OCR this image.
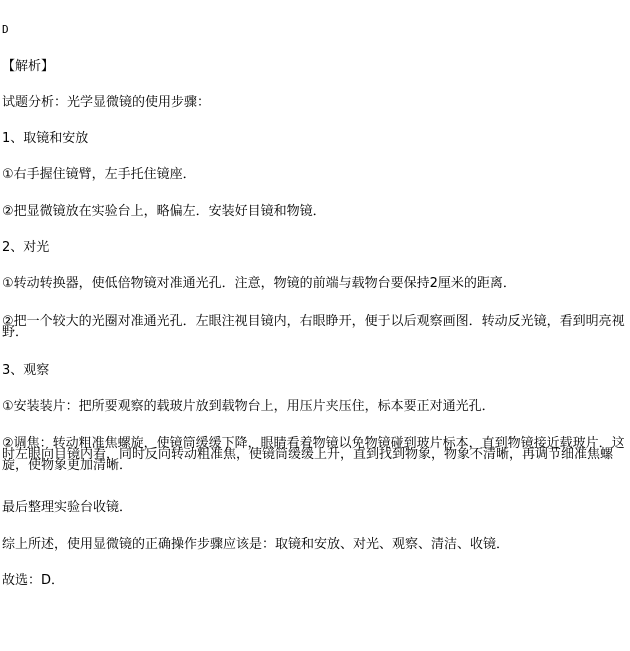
D
【解析】
试题分析：光学显微镜的使用步骤：
1、取镜和安放
①右手握住镜臂，左手托住镜座．
②把显微镜放在实验台上，略偏左．安装好目镜和物镜．
2、对光
①转动转换器，使低倍物镜对准通光孔．注意，物镜的前端与载物台要保持2厘米的距离．
②把一个较大的光圈对准通光孔．左眼注视目镜内，右眼睁开，便于以后观察画图．转动反光镜，看到明亮视野．
3、观察
①安装装片：把所要观察的载玻片放到载物台上，用压片夹压住，标本要正对通光孔．
②调焦：转动粗准焦螺旋，使镜筒缓缓下降，眼睛看着物镜以免物镜碰到玻片标本，直到物镜接近载玻片．这时左眼向目镜内看，同时反向转动粗准焦，使镜筒缓缓上升，直到找到物象，物象不清晰，再调节细准焦螺旋，使物象更加清晰．
最后整理实验台收镜．
综上所述，使用显微镜的正确操作步骤应该是：取镜和安放、对光、观察、清洁、收镜．
故选：D．
